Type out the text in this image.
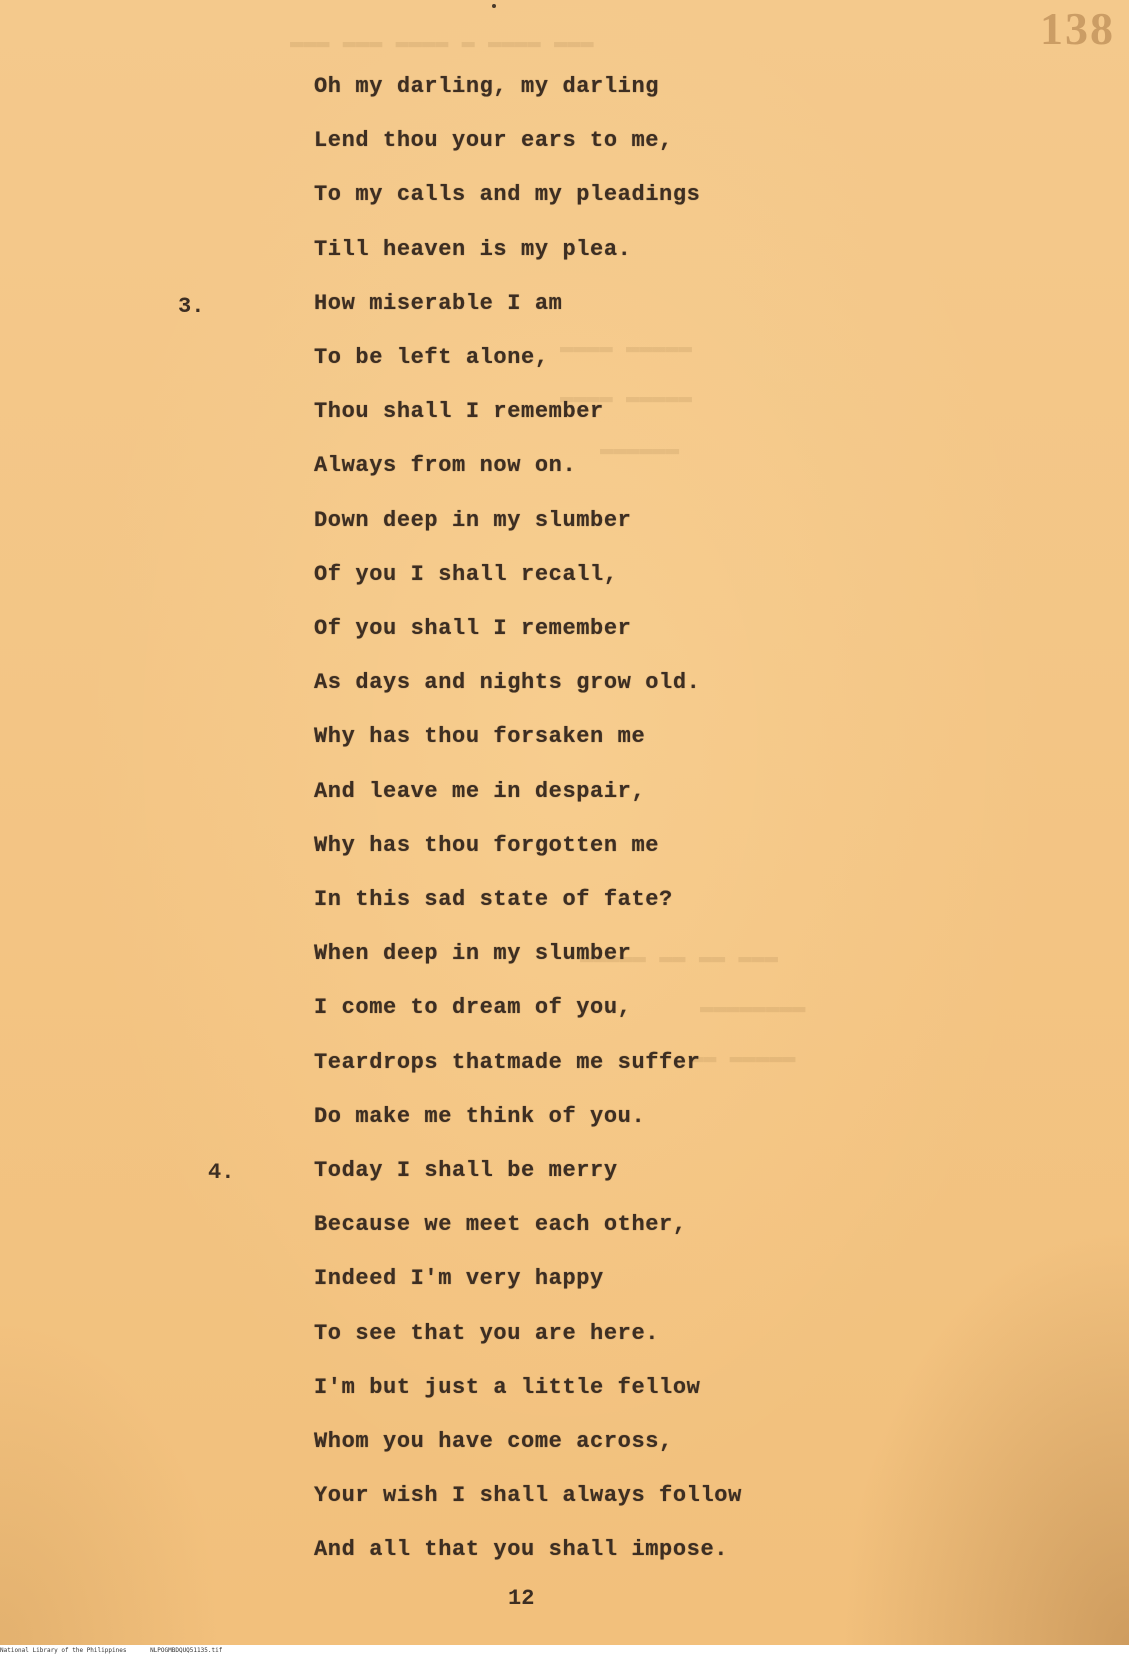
▬▬▬ ▬▬▬ ▬▬▬▬ ▬ ▬▬▬▬ ▬▬▬
▬▬▬▬ ▬▬▬▬▬
▬▬▬▬ ▬▬▬▬▬
▬▬▬▬▬▬
▬▬▬▬▬ ▬▬ ▬▬ ▬▬▬
▬▬▬▬▬▬▬▬
▬▬ ▬▬▬▬▬
138
3.
4.
Oh my darling, my darling
Lend thou your ears to me,
To my calls and my pleadings
Till heaven is my plea.
How miserable I am
To be left alone,
Thou shall I remember
Always from now on.
Down deep in my slumber
Of you I shall recall,
Of you shall I remember
As days and nights grow old.
Why has thou forsaken me
And leave me in despair,
Why has thou forgotten me
In this sad state of fate?
When deep in my slumber
I come to dream of you,
Teardrops thatmade me suffer
Do make me think of you.
Today I shall be merry
Because we meet each other,
Indeed I'm very happy
To see that you are here.
I'm but just a little fellow
Whom you have come across,
Your wish I shall always follow
And all that you shall impose.
12
National Library of the Philippines	NLPOGMBDQUQ51135.tif
